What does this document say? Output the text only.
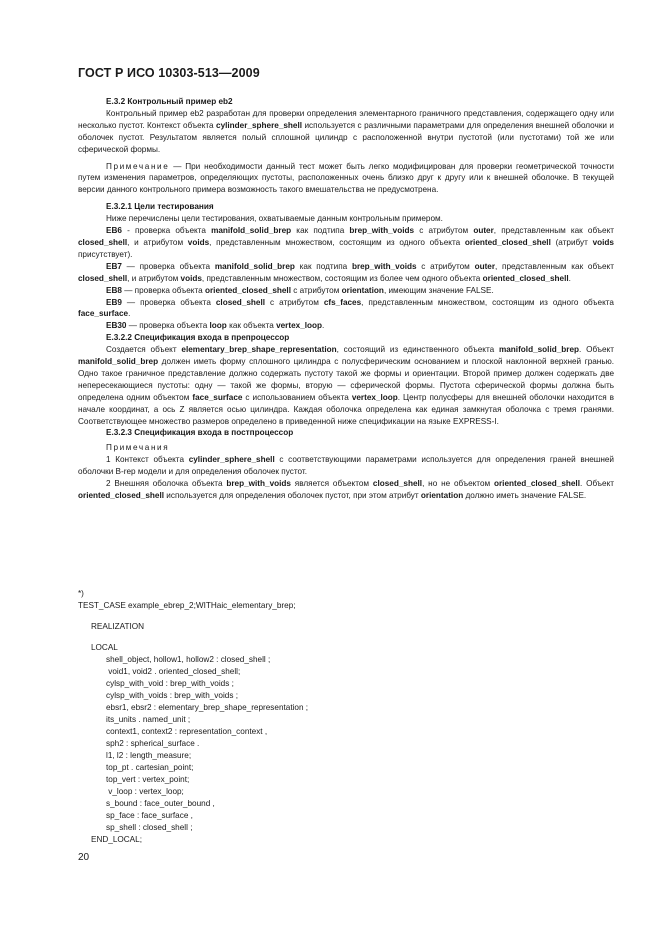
ГОСТ Р ИСО 10303-513—2009

Е.3.2 Контрольный пример eb2

Контрольный пример eb2 разработан для проверки определения элементарного граничного представления, содержащего одну или несколько пустот. Контекст объекта cylinder_sphere_shell используется с различными параметрами для определения внешней оболочки и оболочек пустот. Результатом является полый сплошной цилиндр с расположенной внутри пустотой (или пустотами) той же или сферической формы.

Примечание — При необходимости данный тест может быть легко модифицирован для проверки геометрической точности путем изменения параметров, определяющих пустоты, расположенных очень близко друг к другу или к внешней оболочке. В текущей версии данного контрольного примера возможность такого вмешательства не предусмотрена.

Е.3.2.1 Цели тестирования

Ниже перечислены цели тестирования, охватываемые данным контрольным примером.

EB6 - проверка объекта manifold_solid_brep как подтипа brep_with_voids с атрибутом outer, представленным как объект closed_shell, и атрибутом voids, представленным множеством, состоящим из одного объекта oriented_closed_shell (атрибут voids присутствует).

EB7 — проверка объекта manifold_solid_brep как подтипа brep_with_voids с атрибутом outer, представленным как объект closed_shell, и атрибутом voids, представленным множеством, состоящим из более чем одного объекта oriented_closed_shell.

EB8 — проверка объекта oriented_closed_shell с атрибутом orientation, имеющим значение FALSE.

EB9 — проверка объекта closed_shell с атрибутом cfs_faces, представленным множеством, состоящим из одного объекта face_surface.

EB30 — проверка объекта loop как объекта vertex_loop.

Е.3.2.2 Спецификация входа в препроцессор

Создается объект elementary_brep_shape_representation, состоящий из единственного объекта manifold_solid_brep. Объект manifold_solid_brep должен иметь форму сплошного цилиндра с полусферическим основанием и плоской наклонной верхней гранью. Одно такое граничное представление должно содержать пустоту такой же формы и ориентации. Второй пример должен содержать две непересекающиеся пустоты: одну — такой же формы, вторую — сферической формы. Пустота сферической формы должна быть определена одним объектом face_surface с использованием объекта vertex_loop. Центр полусферы для внешней оболочки находится в начале координат, а ось Z является осью цилиндра. Каждая оболочка определена как единая замкнутая оболочка с тремя гранями. Соответствующее множество размеров определено в приведенной ниже спецификации на языке EXPRESS-I.

Е.3.2.3 Спецификация входа в постпроцессор

Примечания

1 Контекст объекта cylinder_sphere_shell с соответствующими параметрами используется для определения граней внешней оболочки B-rep модели и для определения оболочек пустот.

2 Внешняя оболочка объекта brep_with_voids является объектом closed_shell, но не объектом oriented_closed_shell. Объект oriented_closed_shell используется для определения оболочек пустот, при этом атрибут orientation должно иметь значение FALSE.

*)
TEST_CASE example_ebrep_2;WITHaic_elementary_brep;
REALIZATION
LOCAL
shell_object, hollow1, hollow2 : closed_shell ;
void1, void2 . oriented_closed_shell;
cylsp_with_void : brep_with_voids ;
cylsp_with_voids : brep_with_voids ;
ebsr1, ebsr2 : elementary_brep_shape_representation ;
its_units . named_unit ;
context1, context2 : representation_context ,
sph2 : spherical_surface .
l1, l2 : length_measure;
top_pt . cartesian_point;
top_vert : vertex_point;
v_loop : vertex_loop;
s_bound : face_outer_bound ,
sp_face : face_surface ,
sp_shell : closed_shell ;
END_LOCAL;
20
